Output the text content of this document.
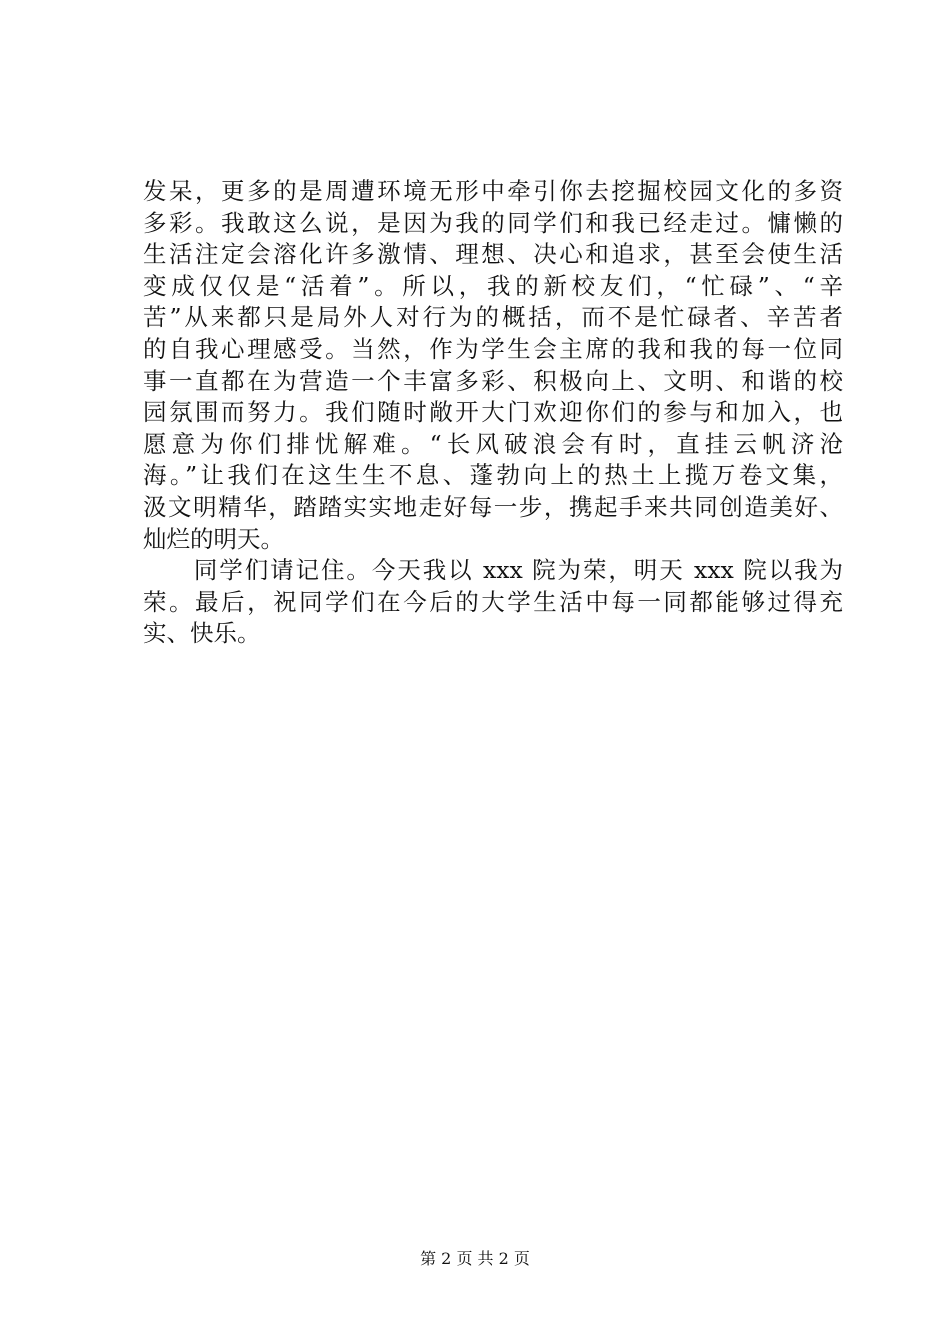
发呆，更多的是周遭环境无形中牵引你去挖掘校园文化的多资
多彩。我敢这么说，是因为我的同学们和我已经走过。慵懒的
生活注定会溶化许多激情、理想、决心和追求，甚至会使生活
变成仅仅是“活着”。所以，我的新校友们，“忙碌”、“辛
苦”从来都只是局外人对行为的概括，而不是忙碌者、辛苦者
的自我心理感受。当然，作为学生会主席的我和我的每一位同
事一直都在为营造一个丰富多彩、积极向上、文明、和谐的校
园氛围而努力。我们随时敞开大门欢迎你们的参与和加入，也
愿意为你们排忧解难。“长风破浪会有时，直挂云帆济沧
海。”让我们在这生生不息、蓬勃向上的热土上揽万卷文集，
汲文明精华，踏踏实实地走好每一步，携起手来共同创造美好、
灿烂的明天。
　　同学们请记住。今天我以 xxx 院为荣，明天 xxx 院以我为
荣。最后，祝同学们在今后的大学生活中每一同都能够过得充
实、快乐。
第 2 页 共 2 页
